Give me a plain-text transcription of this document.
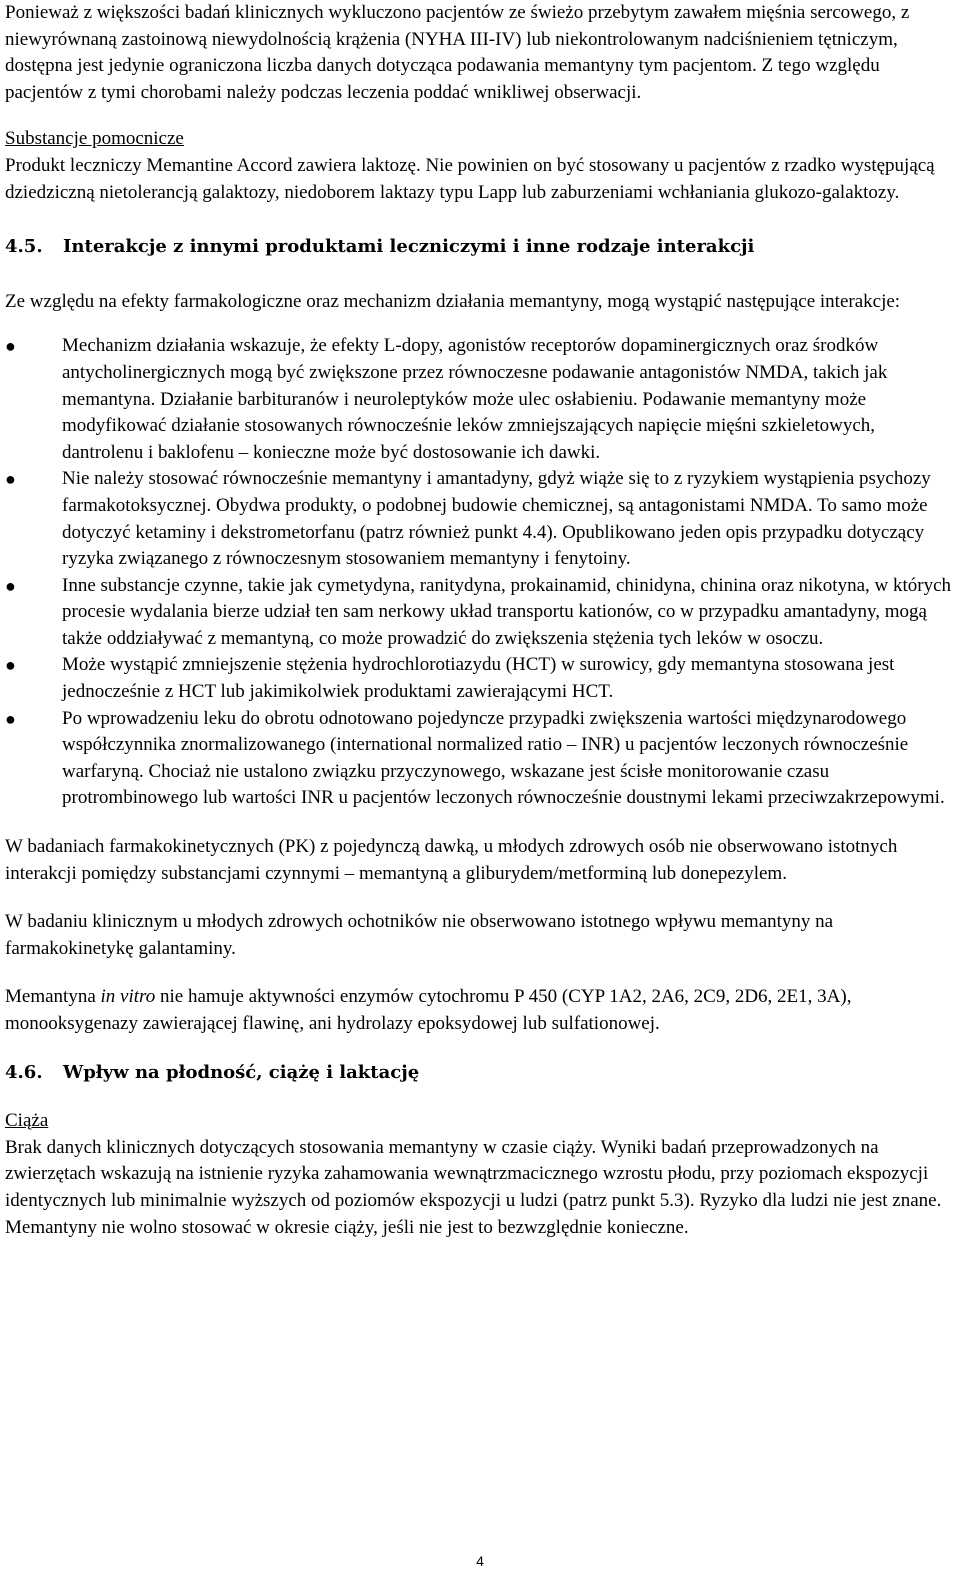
Ponieważ z większości badań klinicznych wykluczono pacjentów ze świeżo przebytym zawałem mięśnia sercowego, z niewyrównaną zastoinową niewydolnością krążenia (NYHA III-IV) lub niekontrolowanym nadciśnieniem tętniczym, dostępna jest jedynie ograniczona liczba danych dotycząca podawania memantyny tym pacjentom. Z tego względu pacjentów z tymi chorobami należy podczas leczenia poddać wnikliwej obserwacji.

Substancje pomocnicze

Produkt leczniczy Memantine Accord zawiera laktozę. Nie powinien on być stosowany u pacjentów z rzadko występującą dziedziczną nietolerancją galaktozy, niedoborem laktazy typu Lapp lub zaburzeniami wchłaniania glukozo-galaktozy.

4.5.	Interakcje z innymi produktami leczniczymi i inne rodzaje interakcji

Ze względu na efekty farmakologiczne oraz mechanizm działania memantyny, mogą wystąpić następujące interakcje:

●	Mechanizm działania wskazuje, że efekty L-dopy, agonistów receptorów dopaminergicznych oraz środków antycholinergicznych mogą być zwiększone przez równoczesne podawanie antagonistów NMDA, takich jak memantyna. Działanie barbituranów i neuroleptyków może ulec osłabieniu. Podawanie memantyny może modyfikować działanie stosowanych równocześnie leków zmniejszających napięcie mięśni szkieletowych, dantrolenu i baklofenu – konieczne może być dostosowanie ich dawki.
●	Nie należy stosować równocześnie memantyny i amantadyny, gdyż wiąże się to z ryzykiem wystąpienia psychozy farmakotoksycznej. Obydwa produkty, o podobnej budowie chemicznej, są antagonistami NMDA. To samo może dotyczyć ketaminy i dekstrometorfanu (patrz również punkt 4.4). Opublikowano jeden opis przypadku dotyczący ryzyka związanego z równoczesnym stosowaniem memantyny i fenytoiny.
●	Inne substancje czynne, takie jak cymetydyna, ranitydyna, prokainamid, chinidyna, chinina oraz nikotyna, w których procesie wydalania bierze udział ten sam nerkowy układ transportu kationów, co w przypadku amantadyny, mogą także oddziaływać z memantyną, co może prowadzić do zwiększenia stężenia tych leków w osoczu.
●	Może wystąpić zmniejszenie stężenia hydrochlorotiazydu (HCT) w surowicy, gdy memantyna stosowana jest jednocześnie z HCT lub jakimikolwiek produktami zawierającymi HCT.
●	Po wprowadzeniu leku do obrotu odnotowano pojedyncze przypadki zwiększenia wartości międzynarodowego współczynnika znormalizowanego (international normalized ratio – INR) u pacjentów leczonych równocześnie warfaryną. Chociaż nie ustalono związku przyczynowego, wskazane jest ścisłe monitorowanie czasu protrombinowego lub wartości INR u pacjentów leczonych równocześnie doustnymi lekami przeciwzakrzepowymi.

W badaniach farmakokinetycznych (PK) z pojedynczą dawką, u młodych zdrowych osób nie obserwowano istotnych interakcji pomiędzy substancjami czynnymi – memantyną a gliburydem/metforminą lub donepezylem.

W badaniu klinicznym u młodych zdrowych ochotników nie obserwowano istotnego wpływu memantyny na farmakokinetykę galantaminy.

Memantyna in vitro nie hamuje aktywności enzymów cytochromu P 450 (CYP 1A2, 2A6, 2C9, 2D6, 2E1, 3A), monooksygenazy zawierającej flawinę, ani hydrolazy epoksydowej lub sulfationowej.

4.6.	Wpływ na płodność, ciążę i laktację

Ciąża

Brak danych klinicznych dotyczących stosowania memantyny w czasie ciąży. Wyniki badań przeprowadzonych na zwierzętach wskazują na istnienie ryzyka zahamowania wewnątrzmacicznego wzrostu płodu, przy poziomach ekspozycji identycznych lub minimalnie wyższych od poziomów ekspozycji u ludzi (patrz punkt 5.3). Ryzyko dla ludzi nie jest znane. Memantyny nie wolno stosować w okresie ciąży, jeśli nie jest to bezwzględnie konieczne.

4
